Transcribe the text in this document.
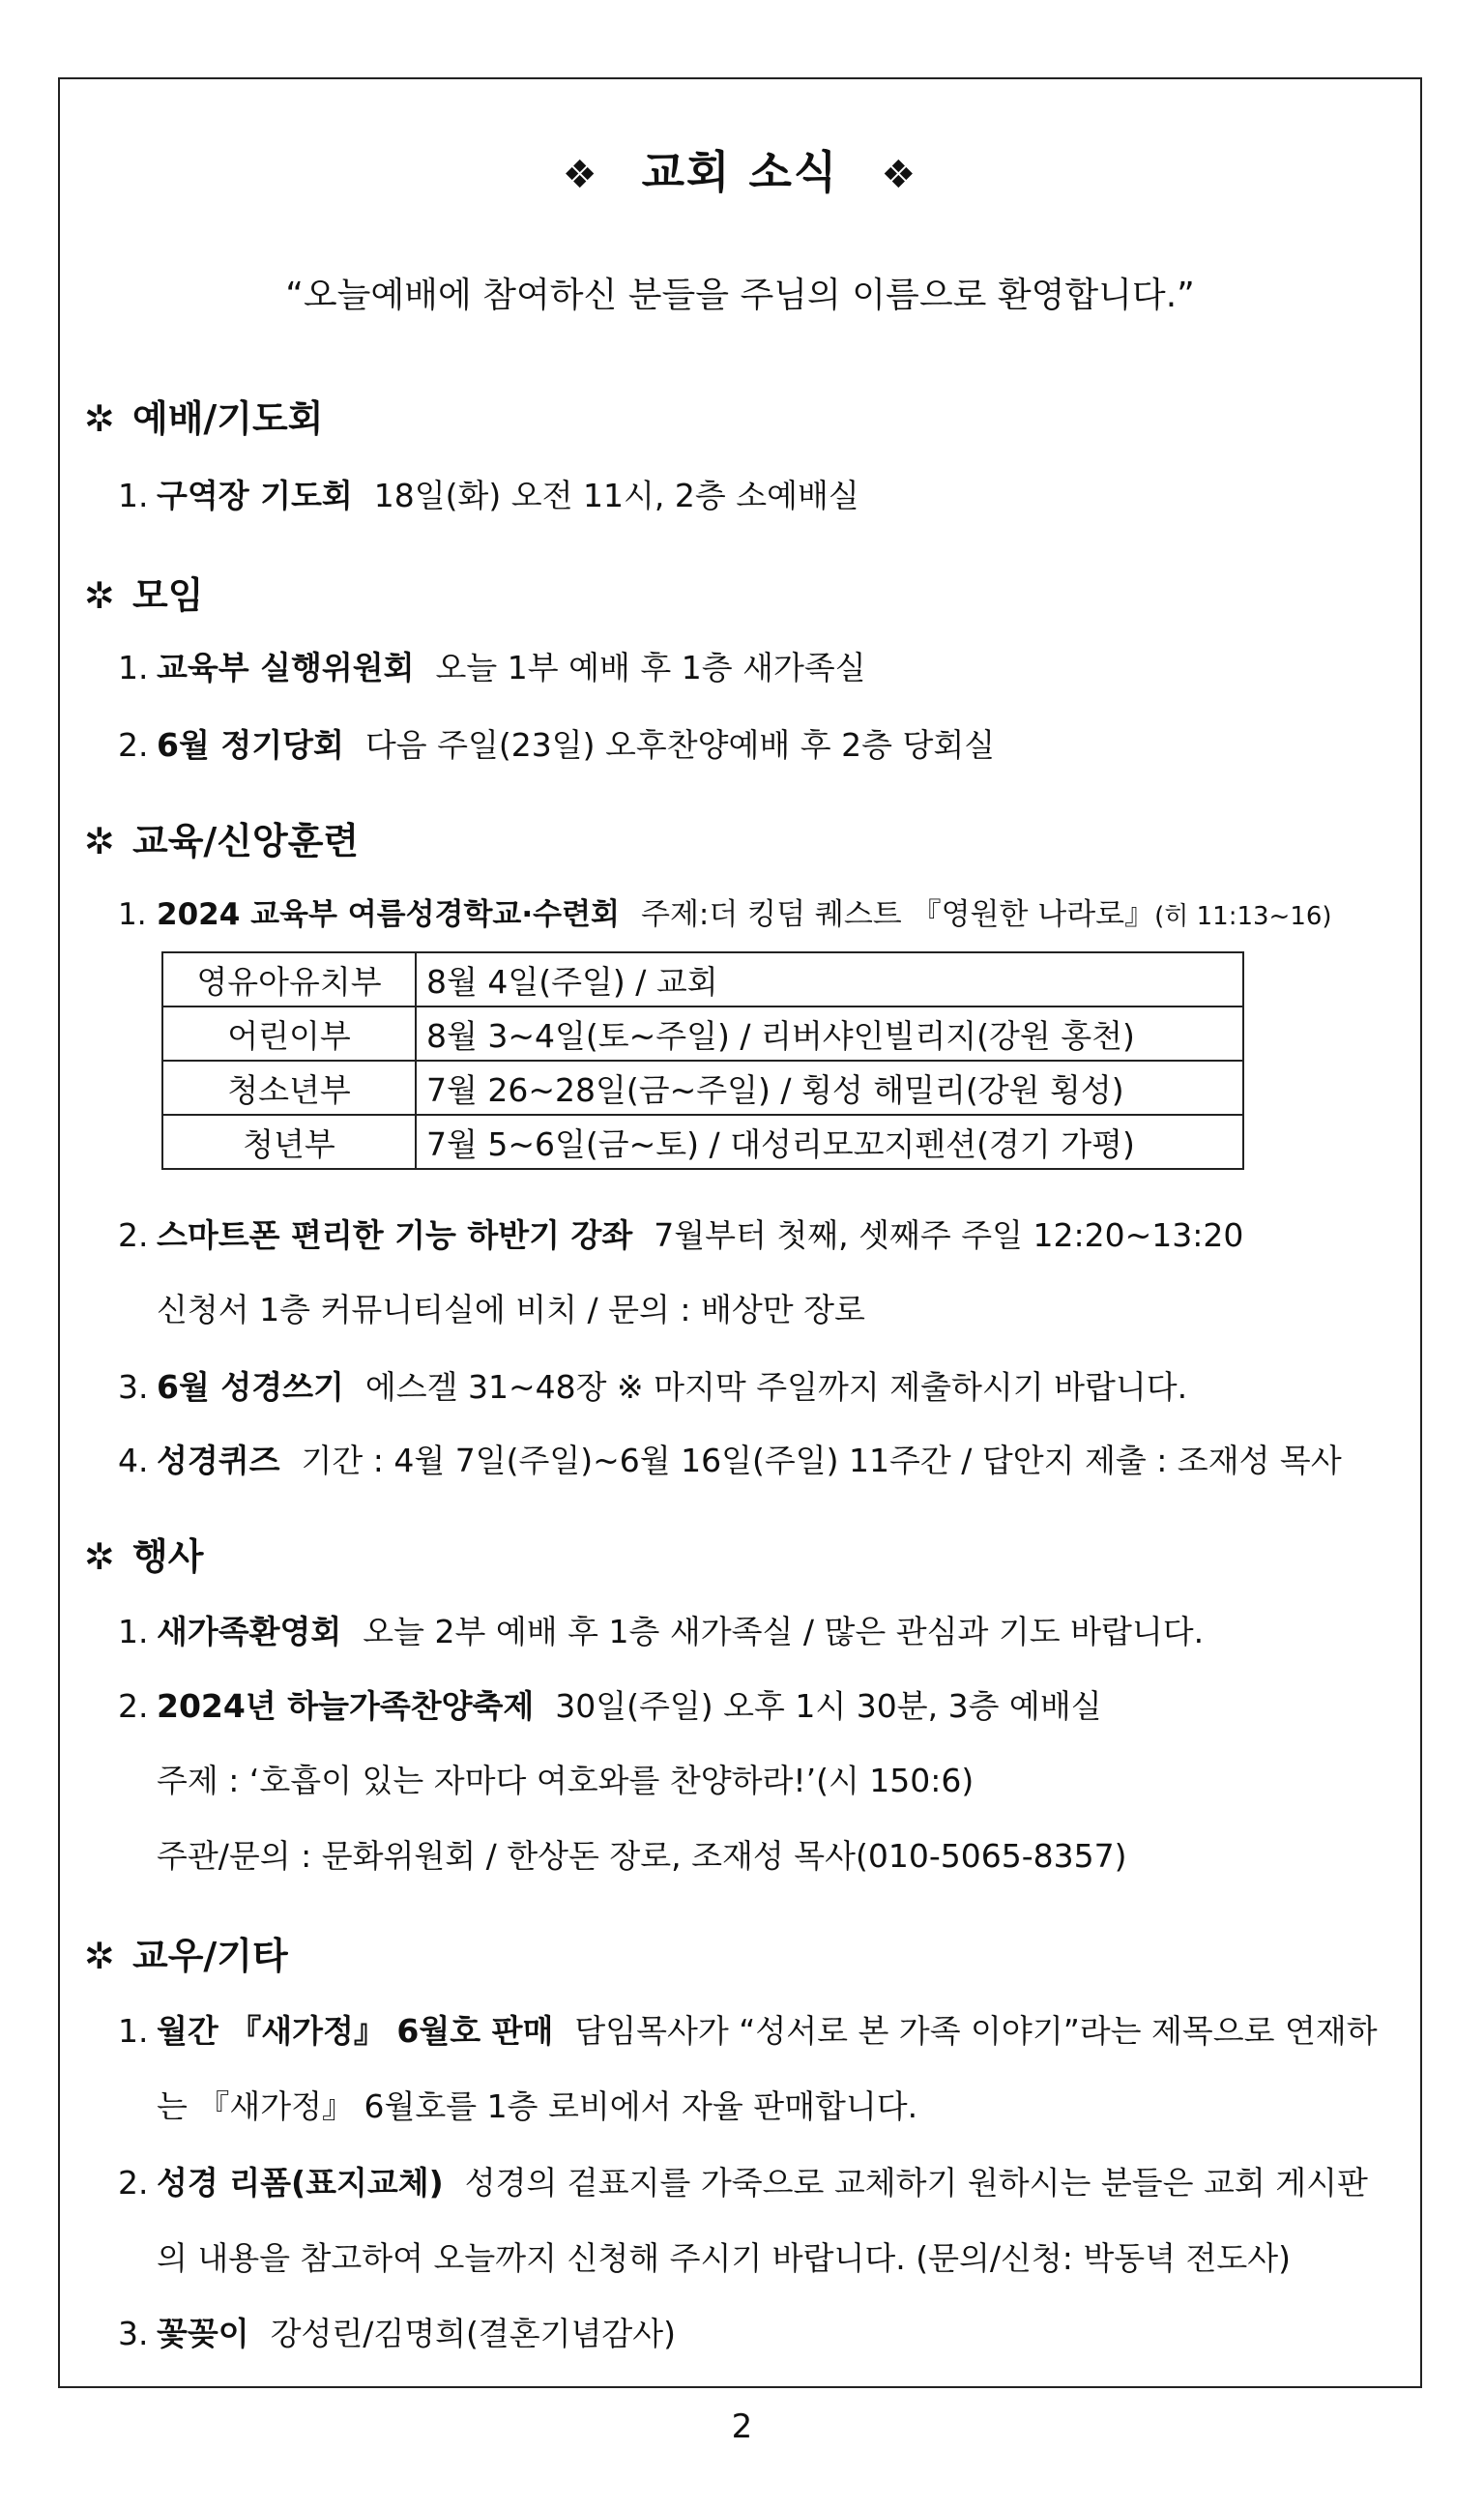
❖ 교회 소식 ❖
“오늘예배에 참여하신 분들을 주님의 이름으로 환영합니다.”
✲ 예배/기도회
1. 구역장 기도회 18일(화) 오전 11시, 2층 소예배실
✲ 모임
1. 교육부 실행위원회 오늘 1부 예배 후 1층 새가족실
2. 6월 정기당회 다음 주일(23일) 오후찬양예배 후 2층 당회실
✲ 교육/신앙훈련
1. 2024 교육부 여름성경학교·수련회 주제:더 킹덤 퀘스트 『영원한 나라로』(히 11:13~16)
영유아유치부	8월 4일(주일) / 교회
어린이부	8월 3~4일(토~주일) / 리버샤인빌리지(강원 홍천)
청소년부	7월 26~28일(금~주일) / 횡성 해밀리(강원 횡성)
청년부	7월 5~6일(금~토) / 대성리모꼬지펜션(경기 가평)
2. 스마트폰 편리한 기능 하반기 강좌 7월부터 첫째, 셋째주 주일 12:20~13:20
신청서 1층 커뮤니티실에 비치 / 문의 : 배상만 장로
3. 6월 성경쓰기 에스겔 31~48장 ※ 마지막 주일까지 제출하시기 바랍니다.
4. 성경퀴즈 기간 : 4월 7일(주일)~6월 16일(주일) 11주간 / 답안지 제출 : 조재성 목사
✲ 행사
1. 새가족환영회 오늘 2부 예배 후 1층 새가족실 / 많은 관심과 기도 바랍니다.
2. 2024년 하늘가족찬양축제 30일(주일) 오후 1시 30분, 3층 예배실
주제 : ‘호흡이 있는 자마다 여호와를 찬양하라!’(시 150:6)
주관/문의 : 문화위원회 / 한상돈 장로, 조재성 목사(010-5065-8357)
✲ 교우/기타
1. 월간 『새가정』 6월호 판매 담임목사가 “성서로 본 가족 이야기”라는 제목으로 연재하
는 『새가정』 6월호를 1층 로비에서 자율 판매합니다.
2. 성경 리폼(표지교체) 성경의 겉표지를 가죽으로 교체하기 원하시는 분들은 교회 게시판
의 내용을 참고하여 오늘까지 신청해 주시기 바랍니다. (문의/신청: 박동녁 전도사)
3. 꽃꽂이 강성린/김명희(결혼기념감사)
2
